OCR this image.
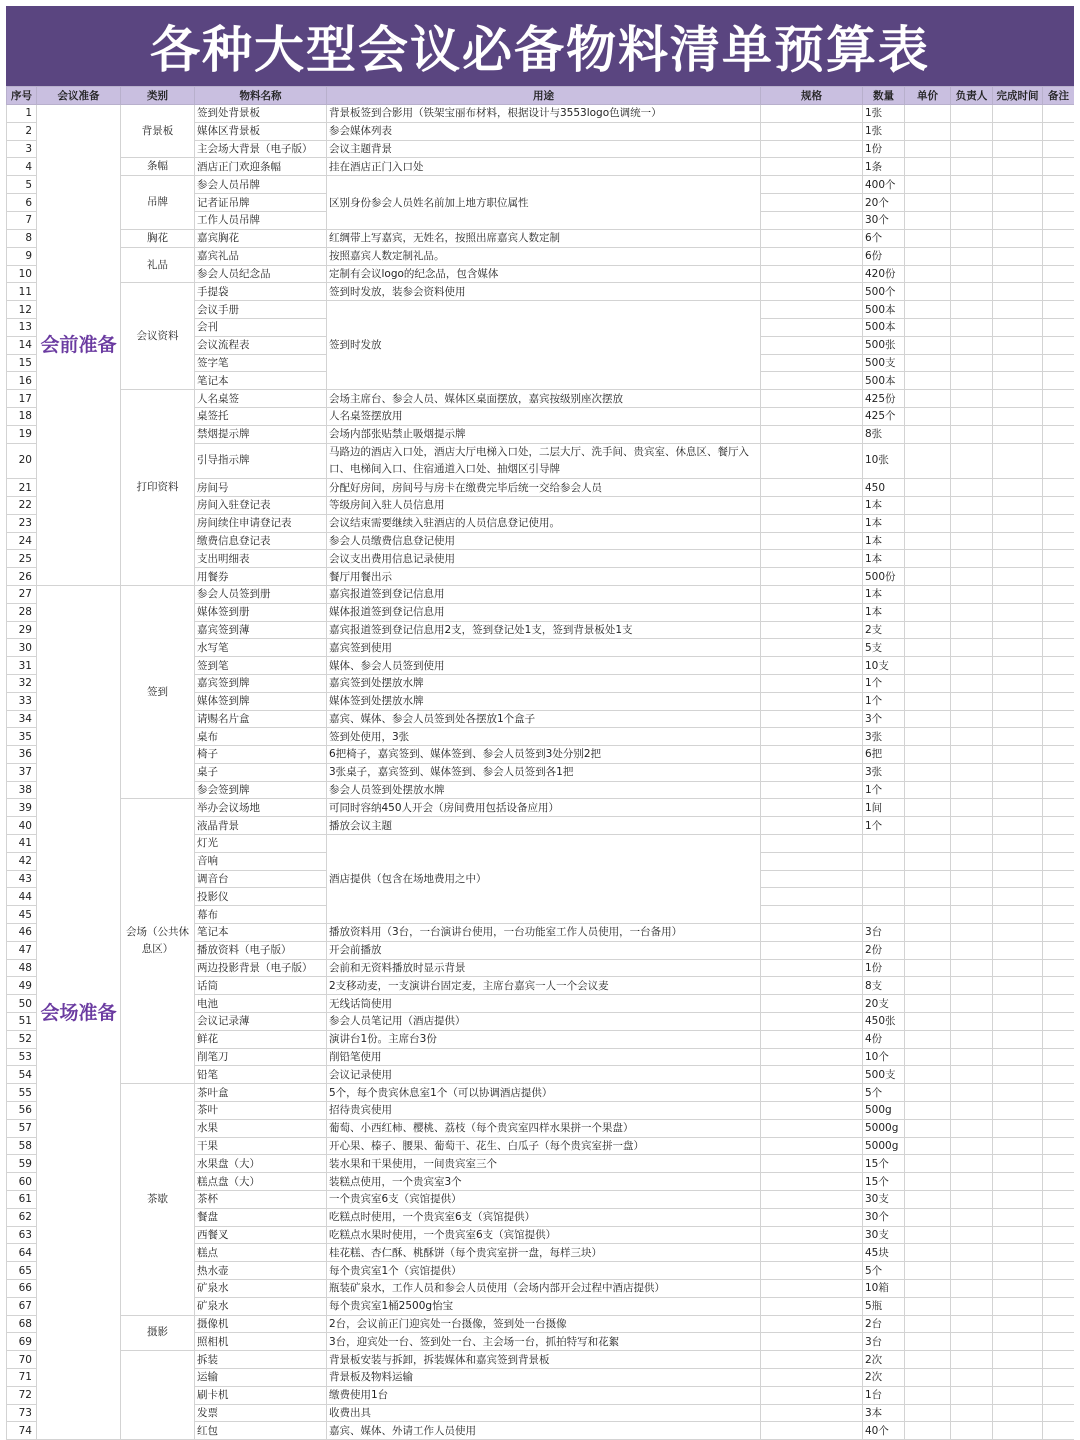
各种大型会议必备物料清单预算表
序号	会议准备	类别	物料名称	用途	规格	数量	单价	负责人	完成时间	备注
1	会前准备	背景板	签到处背景板	背景板签到合影用（铁架宝丽布材料，根据设计与3553logo色调统一）		1张				
2			媒体区背景板	参会媒体列表		1张				
3			主会场大背景（电子版）	会议主题背景		1份				
4		条幅	酒店正门欢迎条幅	挂在酒店正门入口处		1条				
5		吊牌	参会人员吊牌	区别身份参会人员姓名前加上地方职位属性		400个				
6			记者证吊牌			20个				
7			工作人员吊牌			30个				
8		胸花	嘉宾胸花	红绸带上写嘉宾，无姓名，按照出席嘉宾人数定制		6个				
9		礼品	嘉宾礼品	按照嘉宾人数定制礼品。		6份				
10			参会人员纪念品	定制有会议logo的纪念品，包含媒体		420份				
11		会议资料	手提袋	签到时发放，装参会资料使用		500个				
12			会议手册	签到时发放		500本				
13			会刊			500本				
14			会议流程表			500张				
15			签字笔			500支				
16			笔记本			500本				
17		打印资料	人名桌签	会场主席台、参会人员、媒体区桌面摆放，嘉宾按级别座次摆放		425份				
18			桌签托	人名桌签摆放用		425个				
19			禁烟提示牌	会场内部张贴禁止吸烟提示牌		8张				
20			引导指示牌	马路边的酒店入口处，酒店大厅电梯入口处，二层大厅、洗手间、贵宾室、休息区、餐厅入口、电梯间入口、住宿通道入口处、抽烟区引导牌		10张				
21			房间号	分配好房间，房间号与房卡在缴费完毕后统一交给参会人员		450				
22			房间入驻登记表	等级房间入驻人员信息用		1本				
23			房间续住申请登记表	会议结束需要继续入驻酒店的人员信息登记使用。		1本				
24			缴费信息登记表	参会人员缴费信息登记使用		1本				
25			支出明细表	会议支出费用信息记录使用		1本				
26			用餐券	餐厅用餐出示		500份				
27	会场准备	签到	参会人员签到册	嘉宾报道签到登记信息用		1本				
28			媒体签到册	媒体报道签到登记信息用		1本				
29			嘉宾签到薄	嘉宾报道签到登记信息用2支，签到登记处1支，签到背景板处1支		2支				
30			水写笔	嘉宾签到使用		5支				
31			签到笔	媒体、参会人员签到使用		10支				
32			嘉宾签到牌	嘉宾签到处摆放水牌		1个				
33			媒体签到牌	媒体签到处摆放水牌		1个				
34			请赐名片盒	嘉宾、媒体、参会人员签到处各摆放1个盒子		3个				
35			桌布	签到处使用，3张		3张				
36			椅子	6把椅子，嘉宾签到、媒体签到、参会人员签到3处分别2把		6把				
37			桌子	3张桌子，嘉宾签到、媒体签到、参会人员签到各1把		3张				
38			参会签到牌	参会人员签到处摆放水牌		1个				
39		会场（公共休息区）	举办会议场地	可同时容纳450人开会（房间费用包括设备应用）		1间				
40			液晶背景	播放会议主题		1个				
41			灯光	酒店提供（包含在场地费用之中）						
42			音响							
43			调音台							
44			投影仪							
45			幕布							
46			笔记本	播放资料用（3台，一台演讲台使用，一台功能室工作人员使用，一台备用）		3台				
47			播放资料（电子版）	开会前播放		2份				
48			两边投影背景（电子版）	会前和无资料播放时显示背景		1份				
49			话筒	2支移动麦，一支演讲台固定麦，主席台嘉宾一人一个会议麦		8支				
50			电池	无线话筒使用		20支				
51			会议记录薄	参会人员笔记用（酒店提供）		450张				
52			鲜花	演讲台1份。主席台3份		4份				
53			削笔刀	削铅笔使用		10个				
54			铅笔	会议记录使用		500支				
55		茶歇	茶叶盒	5个，每个贵宾休息室1个（可以协调酒店提供）		5个				
56			茶叶	招待贵宾使用		500g				
57			水果	葡萄、小西红柿、樱桃、荔枝（每个贵宾室四样水果拼一个果盘）		5000g				
58			干果	开心果、榛子、腰果、葡萄干、花生、白瓜子（每个贵宾室拼一盘）		5000g				
59			水果盘（大）	装水果和干果使用，一间贵宾室三个		15个				
60			糕点盘（大）	装糕点使用，一个贵宾室3个		15个				
61			茶杯	一个贵宾室6支（宾馆提供）		30支				
62			餐盘	吃糕点时使用，一个贵宾室6支（宾馆提供）		30个				
63			西餐叉	吃糕点水果时使用，一个贵宾室6支（宾馆提供）		30支				
64			糕点	桂花糕、杏仁酥、桃酥饼（每个贵宾室拼一盘，每样三块）		45块				
65			热水壶	每个贵宾室1个（宾馆提供）		5个				
66			矿泉水	瓶装矿泉水，工作人员和参会人员使用（会场内部开会过程中酒店提供）		10箱				
67			矿泉水	每个贵宾室1桶2500g怡宝		5瓶				
68		摄影	摄像机	2台，会议前正门迎宾处一台摄像，签到处一台摄像		2台				
69			照相机	3台，迎宾处一台、签到处一台、主会场一台，抓拍特写和花絮		3台				
70			拆装	背景板安装与拆卸，拆装媒体和嘉宾签到背景板		2次				
71			运输	背景板及物料运输		2次				
72			刷卡机	缴费使用1台		1台				
73			发票	收费出具		3本				
74			红包	嘉宾、媒体、外请工作人员使用		40个				
